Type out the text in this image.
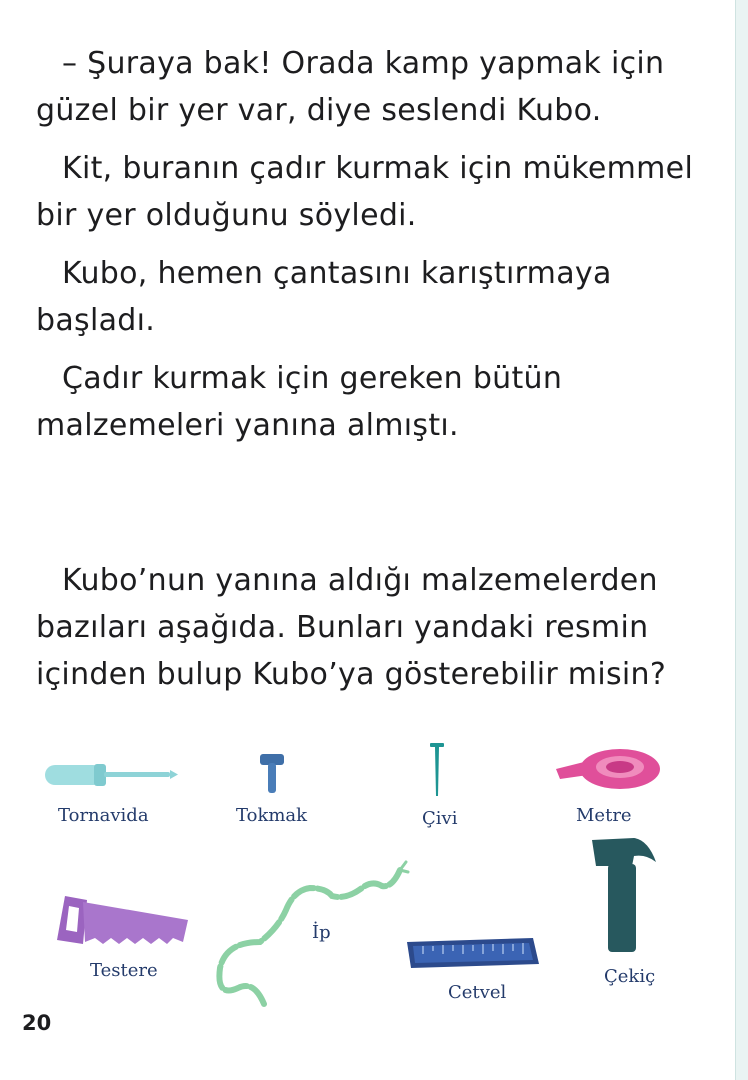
– Şuraya bak! Orada kamp yapmak için güzel bir yer var, diye seslendi Kubo.

Kit, buranın çadır kurmak için mükemmel bir yer olduğunu söyledi.

Kubo, hemen çantasını karıştırmaya başladı.

Çadır kurmak için gereken bütün malzemeleri yanına almıştı.

Kubo’nun yanına aldığı malzemelerden bazıları aşağıda. Bunları yandaki resmin içinden bulup Kubo’ya gösterebilir misin?

Tornavida	Tokmak	Çivi	Metre
Çekiç
Testere
İp
Cetvel
20
